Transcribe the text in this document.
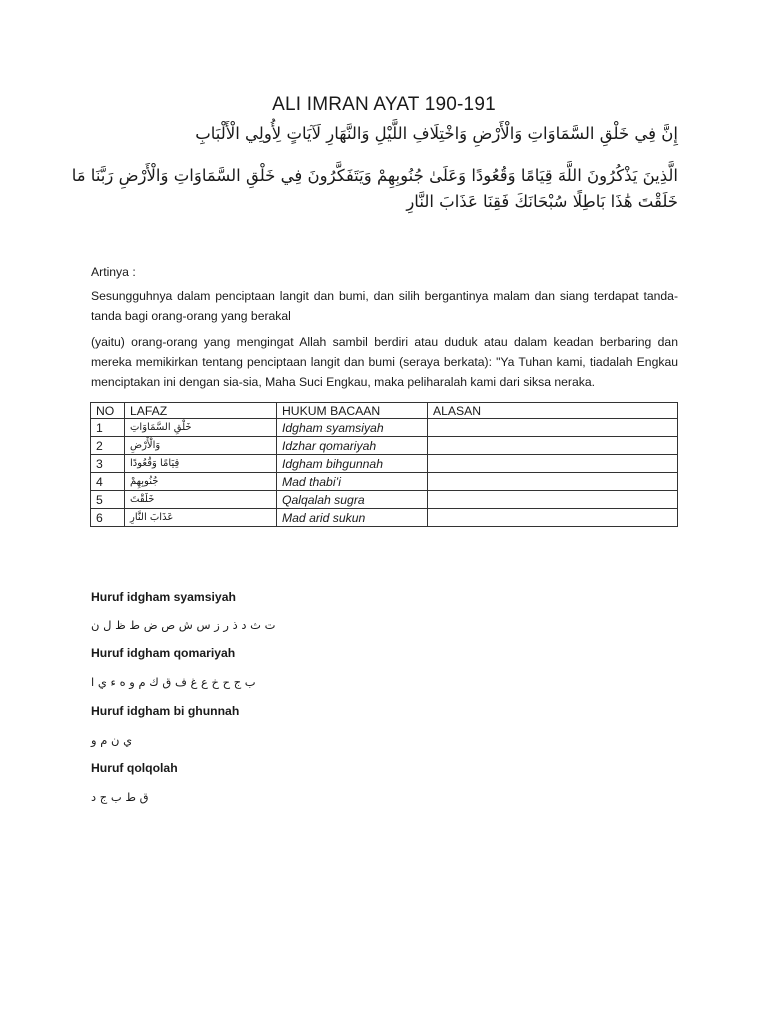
ALI IMRAN AYAT 190-191
إِنَّ فِي خَلْقِ السَّمَاوَاتِ وَالْأَرْضِ وَاخْتِلَافِ اللَّيْلِ وَالنَّهَارِ لَآيَاتٍ لِأُولِي الْأَلْبَابِ
الَّذِينَ يَذْكُرُونَ اللَّهَ قِيَامًا وَقُعُودًا وَعَلَىٰ جُنُوبِهِمْ وَيَتَفَكَّرُونَ فِي خَلْقِ السَّمَاوَاتِ وَالْأَرْضِ رَبَّنَا مَا
خَلَقْتَ هَٰذَا بَاطِلًا سُبْحَانَكَ فَقِنَا عَذَابَ النَّارِ
Artinya :
Sesungguhnya dalam penciptaan langit dan bumi, dan silih bergantinya malam dan siang terdapat tanda-tanda bagi orang-orang yang berakal
(yaitu) orang-orang yang mengingat Allah sambil berdiri atau duduk atau dalam keadan berbaring dan mereka memikirkan tentang penciptaan langit dan bumi (seraya berkata): "Ya Tuhan kami, tiadalah Engkau menciptakan ini dengan sia-sia, Maha Suci Engkau, maka peliharalah kami dari siksa neraka.
NO	LAFAZ	HUKUM BACAAN	ALASAN
1	خَلْقِ السَّمَاوَاتِ	Idgham syamsiyah	
2	وَالْأَرْضِ	Idzhar qomariyah	
3	قِيَامًا وَقُعُودًا	Idgham bihgunnah	
4	جُنُوبِهِمْ	Mad thabi’i	
5	خَلَقْتَ	Qalqalah sugra	
6	عَذَابَ النَّارِ	Mad arid sukun	
Huruf idgham syamsiyah
ت ث د ذ ر ز س ش ص ض ط ظ ل ن
Huruf idgham qomariyah
ب ج ح خ ع غ ف ق ك م و ه ء ي ا
Huruf idgham bi ghunnah
ي ن م و
Huruf qolqolah
ق ط ب ج د
